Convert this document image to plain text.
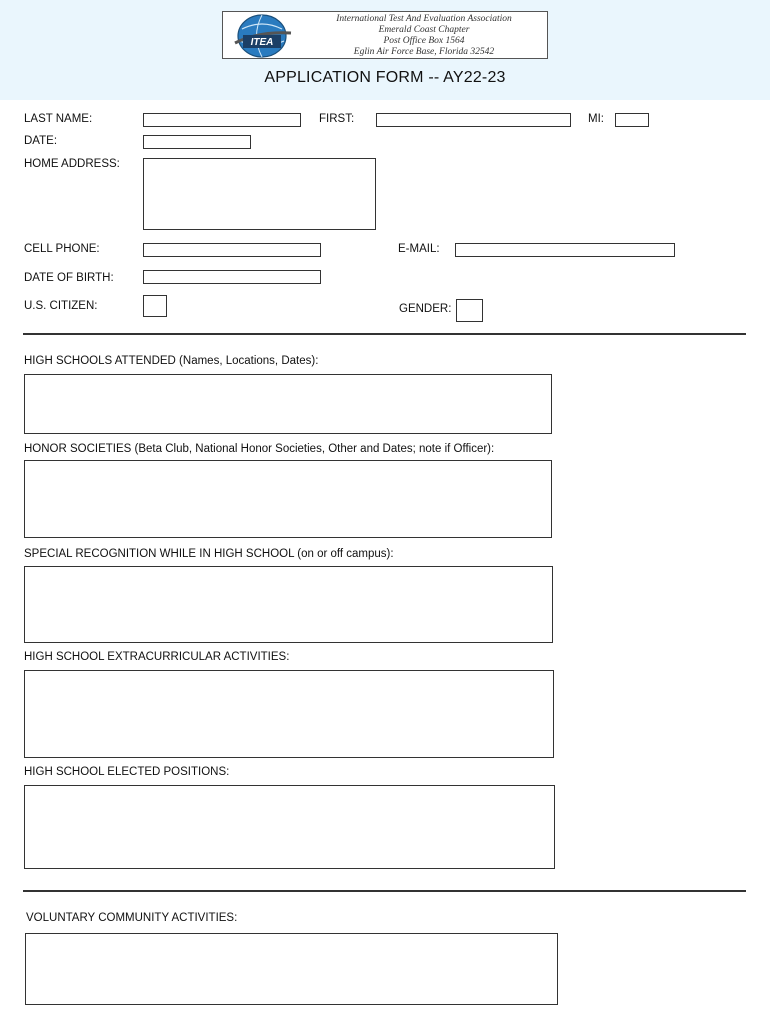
ITEA
International Test And Evaluation Association
Emerald Coast Chapter
Post Office Box 1564
Eglin Air Force Base, Florida 32542
APPLICATION FORM -- AY22-23
LAST NAME:	FIRST:	MI:
DATE:
HOME ADDRESS:
CELL PHONE:	E-MAIL:
DATE OF BIRTH:
U.S. CITIZEN:	GENDER:
HIGH SCHOOLS ATTENDED (Names, Locations, Dates):
HONOR SOCIETIES (Beta Club, National Honor Societies, Other and Dates; note if Officer):
SPECIAL RECOGNITION WHILE IN HIGH SCHOOL (on or off campus):
HIGH SCHOOL EXTRACURRICULAR ACTIVITIES:
HIGH SCHOOL ELECTED POSITIONS:
VOLUNTARY COMMUNITY ACTIVITIES:
